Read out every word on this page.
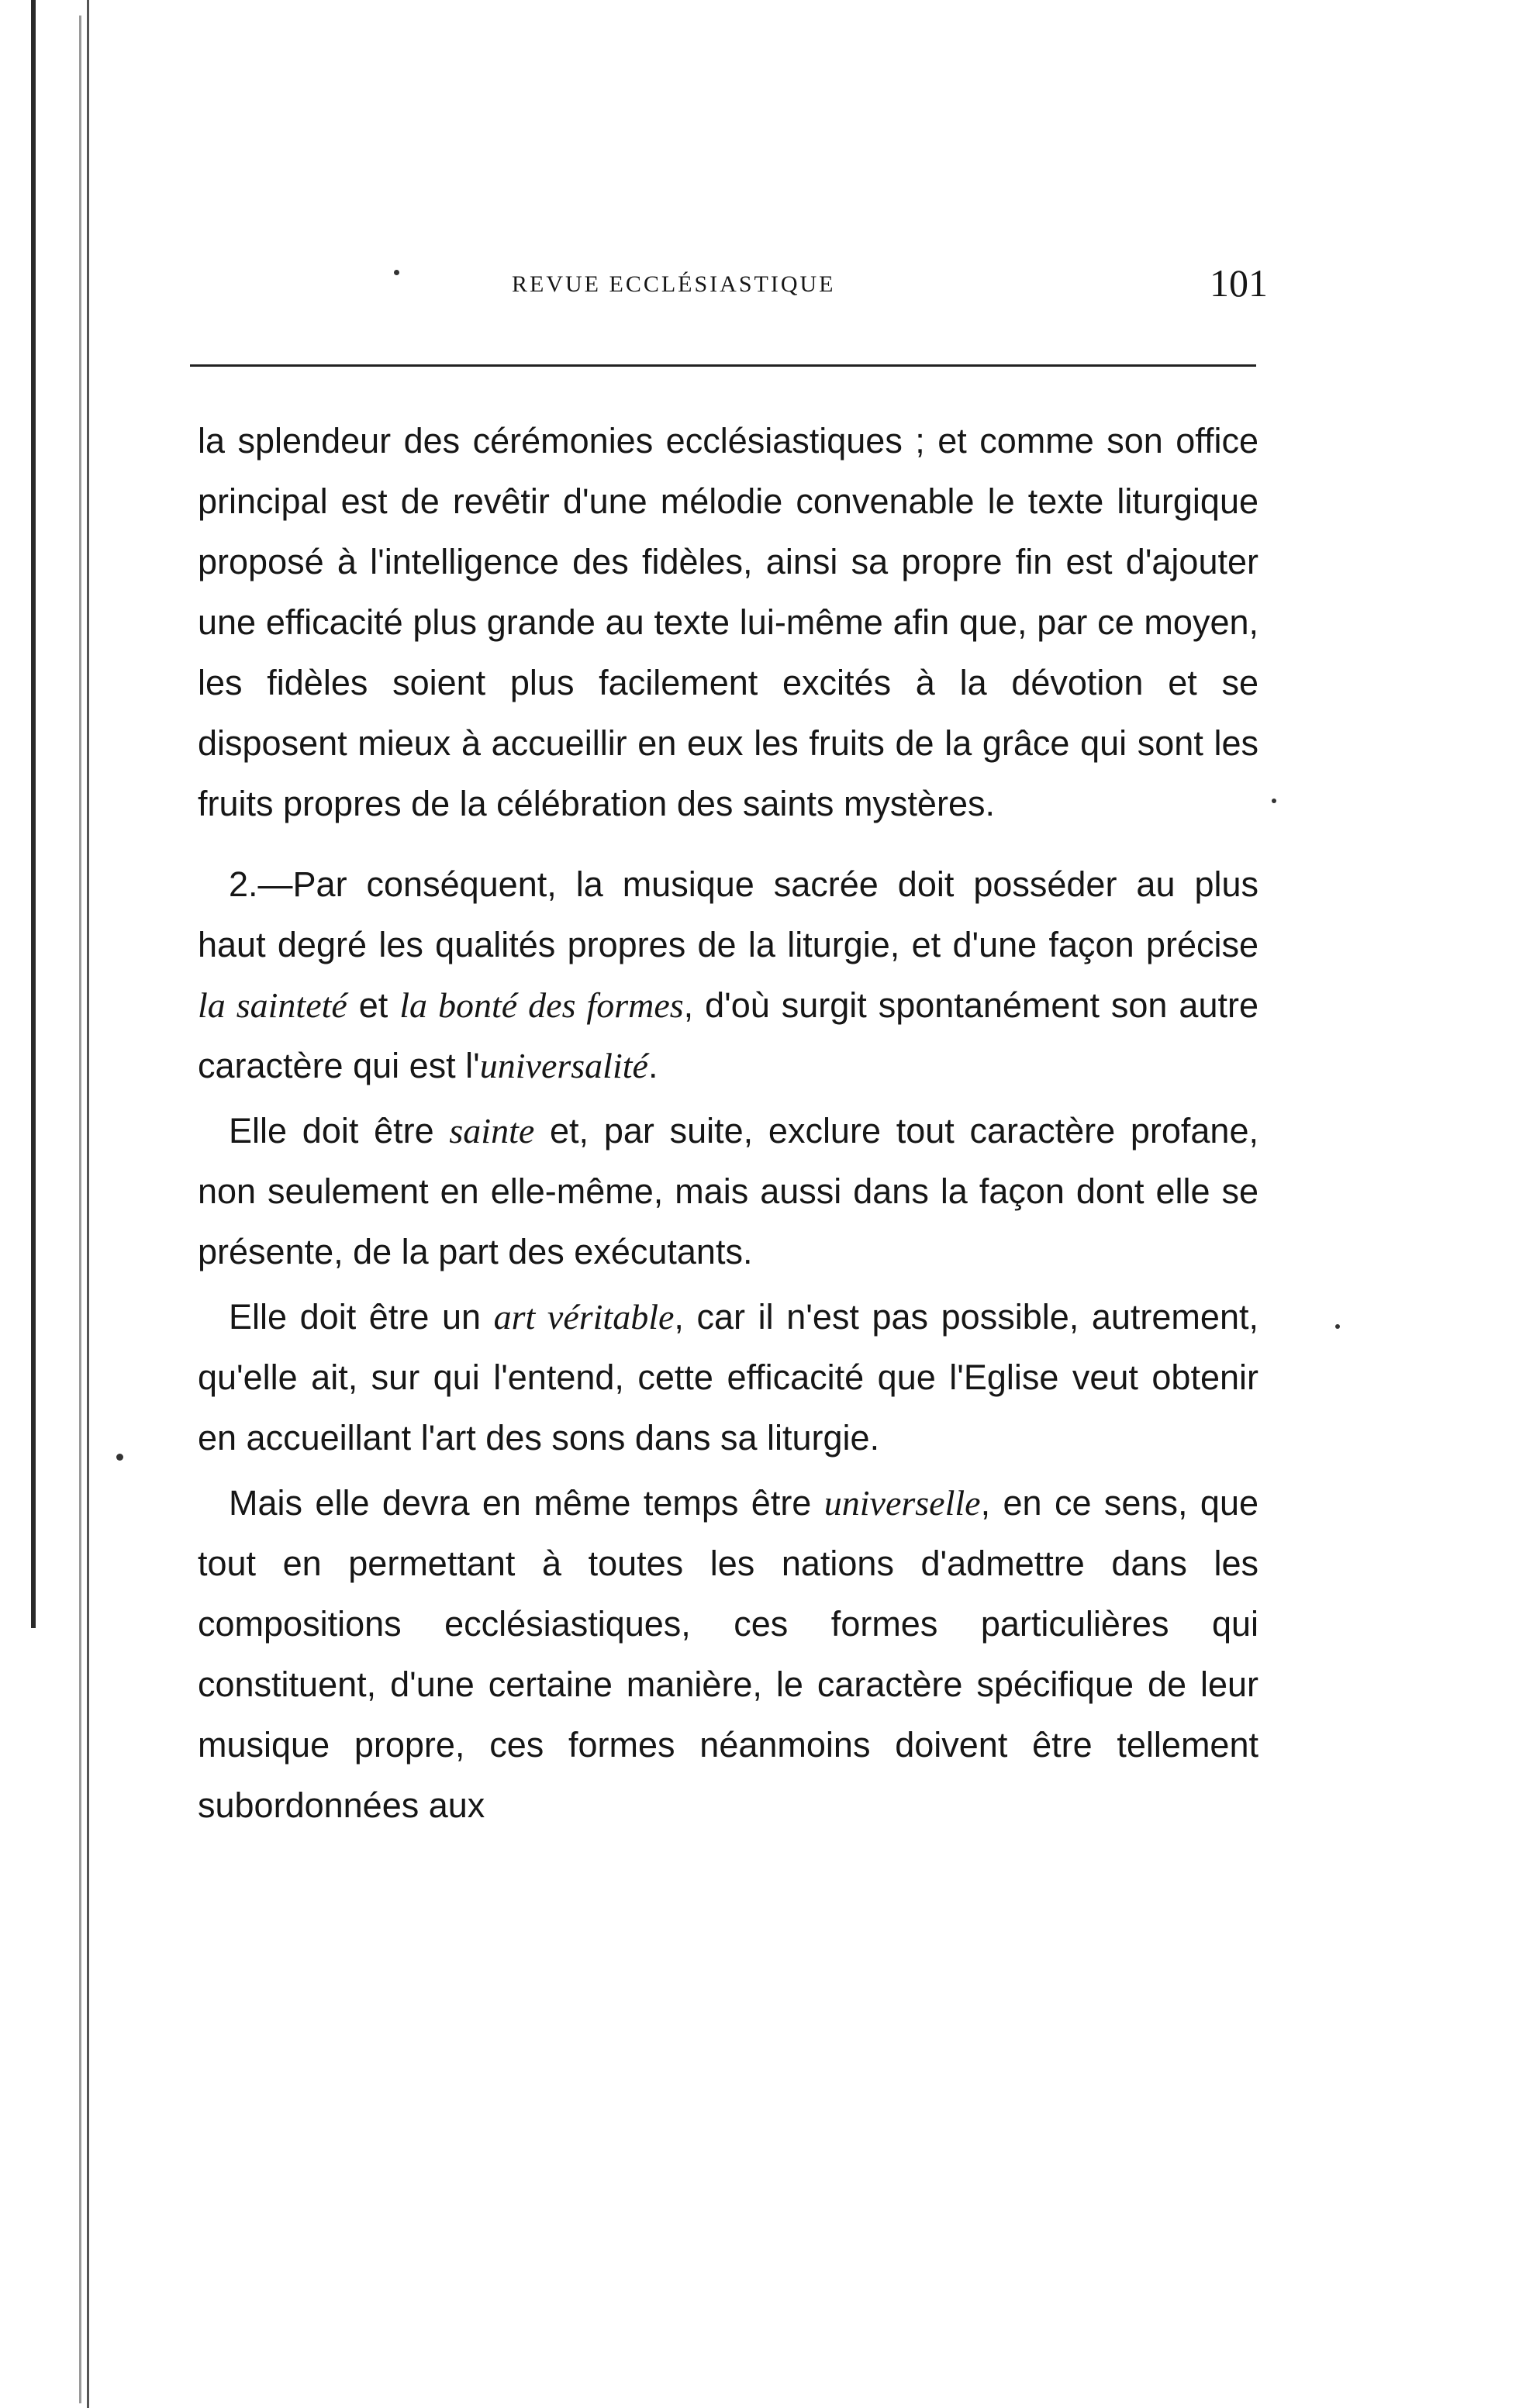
REVUE ECCLÉSIASTIQUE	101

la splendeur des cérémonies ecclésiastiques ; et comme son office principal est de revêtir d'une mélodie convenable le texte liturgique proposé à l'intelligence des fidèles, ainsi sa propre fin est d'ajouter une efficacité plus grande au texte lui-même afin que, par ce moyen, les fidèles soient plus facilement excités à la dévotion et se disposent mieux à accueillir en eux les fruits de la grâce qui sont les fruits propres de la célébration des saints mystères.

2.—Par conséquent, la musique sacrée doit posséder au plus haut degré les qualités propres de la liturgie, et d'une façon précise la sainteté et la bonté des formes, d'où surgit spontanément son autre caractère qui est l'universalité.

Elle doit être sainte et, par suite, exclure tout caractère profane, non seulement en elle-même, mais aussi dans la façon dont elle se présente, de la part des exécutants.

Elle doit être un art véritable, car il n'est pas possible, autrement, qu'elle ait, sur qui l'entend, cette efficacité que l'Eglise veut obtenir en accueillant l'art des sons dans sa liturgie.

Mais elle devra en même temps être universelle, en ce sens, que tout en permettant à toutes les nations d'admettre dans les compositions ecclésiastiques, ces formes particulières qui constituent, d'une certaine manière, le caractère spécifique de leur musique propre, ces formes néanmoins doivent être tellement subordonnées aux
